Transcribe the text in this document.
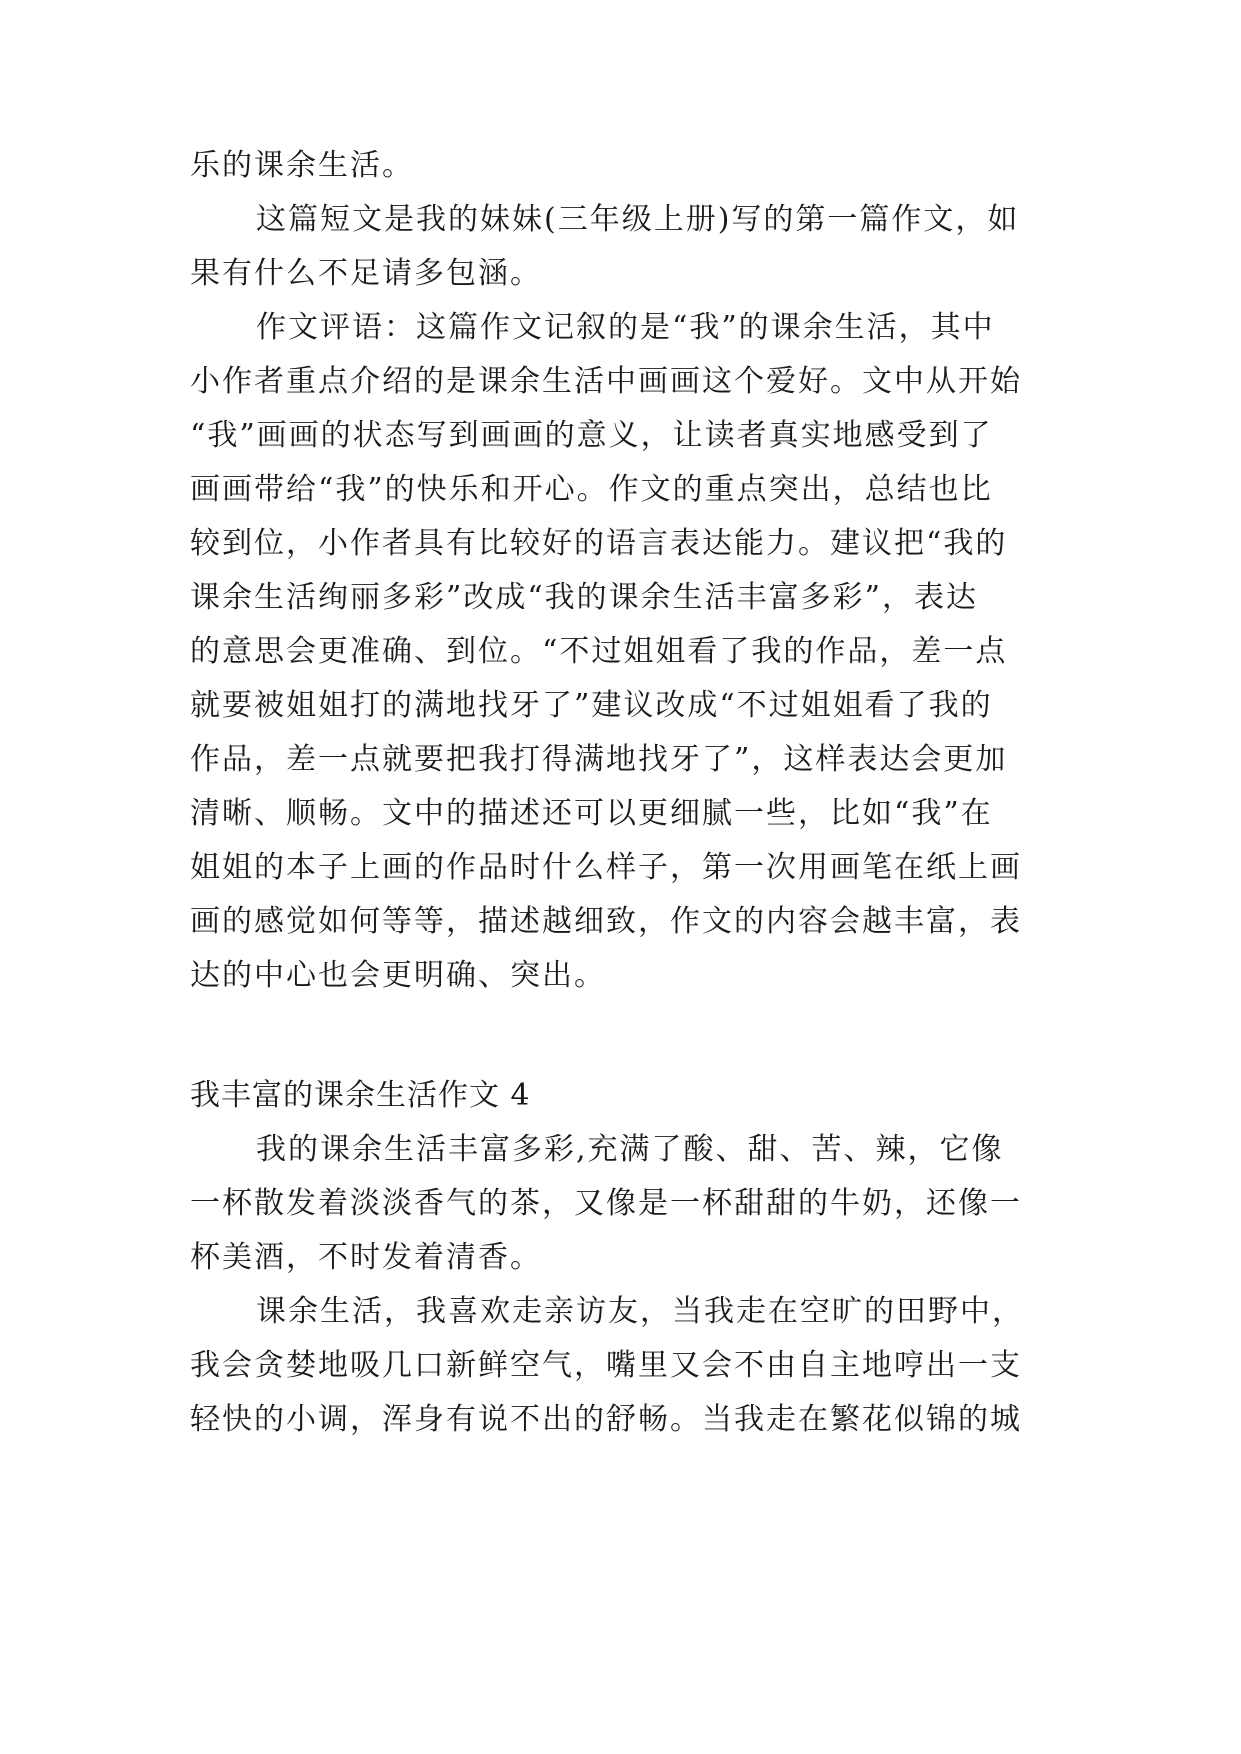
乐的课余生活。
这篇短文是我的妹妹(三年级上册)写的第一篇作文，如
果有什么不足请多包涵。
作文评语：这篇作文记叙的是“我”的课余生活，其中
小作者重点介绍的是课余生活中画画这个爱好。文中从开始
“我”画画的状态写到画画的意义，让读者真实地感受到了
画画带给“我”的快乐和开心。作文的重点突出，总结也比
较到位，小作者具有比较好的语言表达能力。建议把“我的
课余生活绚丽多彩”改成“我的课余生活丰富多彩”，表达
的意思会更准确、到位。“不过姐姐看了我的作品，差一点
就要被姐姐打的满地找牙了”建议改成“不过姐姐看了我的
作品，差一点就要把我打得满地找牙了”，这样表达会更加
清晰、顺畅。文中的描述还可以更细腻一些，比如“我”在
姐姐的本子上画的作品时什么样子，第一次用画笔在纸上画
画的感觉如何等等，描述越细致，作文的内容会越丰富，表
达的中心也会更明确、突出。
我丰富的课余生活作文 4
我的课余生活丰富多彩,充满了酸、甜、苦、辣，它像
一杯散发着淡淡香气的茶，又像是一杯甜甜的牛奶，还像一
杯美酒，不时发着清香。
课余生活，我喜欢走亲访友，当我走在空旷的田野中，
我会贪婪地吸几口新鲜空气，嘴里又会不由自主地哼出一支
轻快的小调，浑身有说不出的舒畅。当我走在繁花似锦的城
